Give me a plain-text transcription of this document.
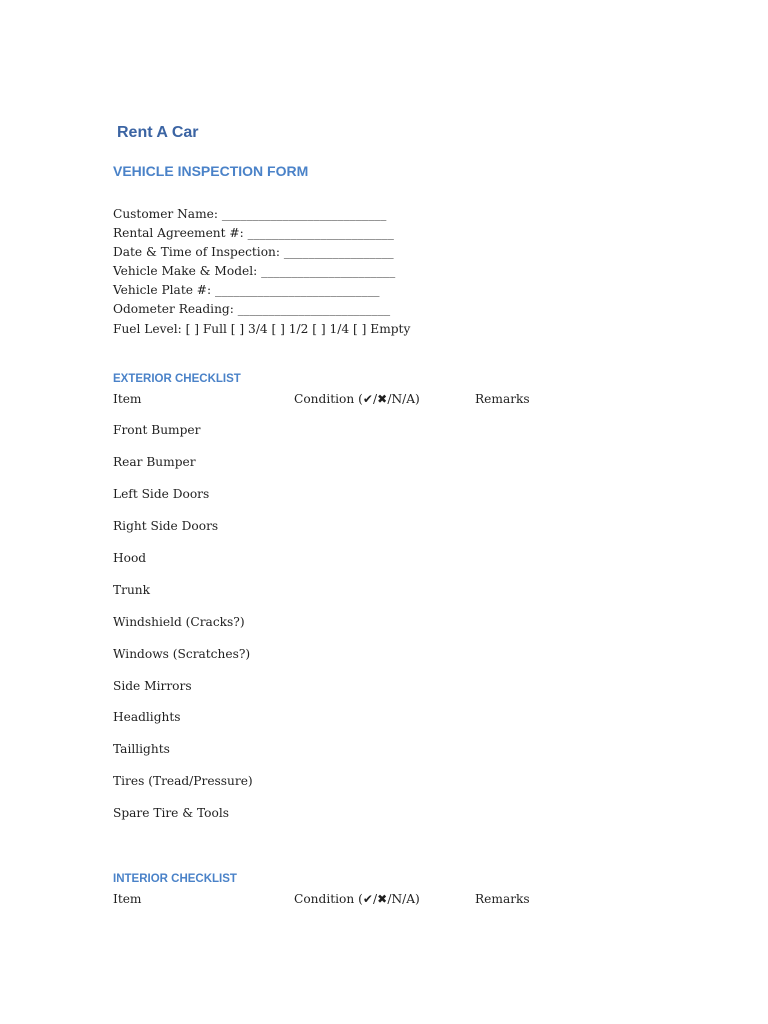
Rent A Car
VEHICLE INSPECTION FORM
Customer Name: ___________________________
Rental Agreement #: ________________________
Date & Time of Inspection: __________________
Vehicle Make & Model: ______________________
Vehicle Plate #: ___________________________
Odometer Reading: _________________________
Fuel Level: [ ] Full [ ] 3/4 [ ] 1/2 [ ] 1/4 [ ] Empty
EXTERIOR CHECKLIST
Item	Condition (✔/✖/N/A)	Remarks
Front Bumper
Rear Bumper
Left Side Doors
Right Side Doors
Hood
Trunk
Windshield (Cracks?)
Windows (Scratches?)
Side Mirrors
Headlights
Taillights
Tires (Tread/Pressure)
Spare Tire & Tools
INTERIOR CHECKLIST
Item	Condition (✔/✖/N/A)	Remarks
